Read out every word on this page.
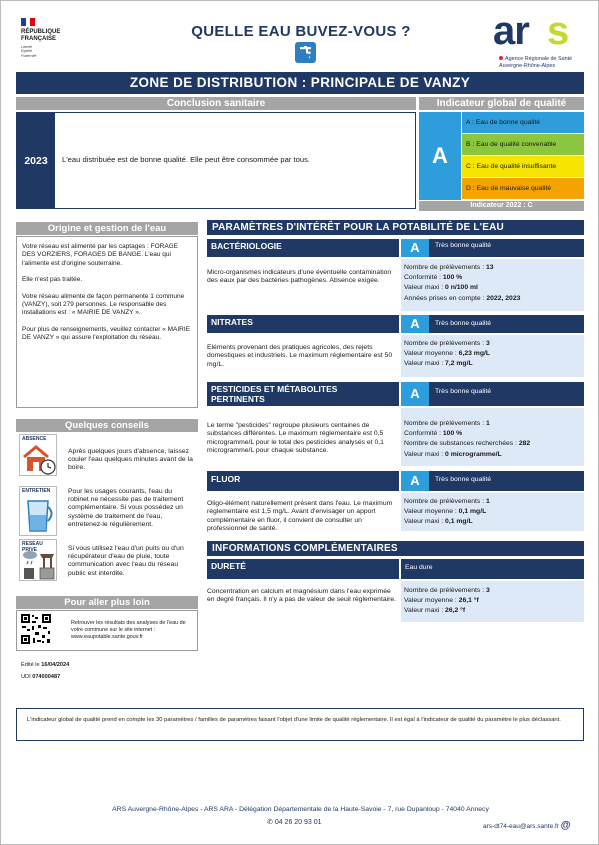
RÉPUBLIQUE
FRANÇAISE
Liberté
Égalité
Fraternité
QUELLE EAU BUVEZ-VOUS ?	ar s
Agence Régionale de Santé
Auvergne-Rhône-Alpes
ZONE DE DISTRIBUTION : PRINCIPALE DE VANZY
Conclusion sanitaire	Indicateur global de qualité
2023	L'eau distribuée est de bonne qualité. Elle peut être consommée par tous.	A
A : Eau de bonne qualité
B : Eau de qualité convenable
C : Eau de qualité insuffisante
D : Eau de mauvaise qualité
Indicateur 2022 : C
Origine et gestion de l'eau

Votre réseau est alimenté par les captages : FORAGE DES VORZIERS, FORAGES DE BANGE. L'eau qui l'alimente est d'origine souterraine.

Elle n'est pas traitée.

Votre réseau alimente de façon permanente 1 commune (VANZY), soit 279 personnes. Le responsable des installations est : « MAIRIE DE VANZY ».

Pour plus de renseignements, veuillez contacter « MAIRIE DE VANZY » qui assure l'exploitation du réseau.

Quelques conseils
ABSENCE
Après quelques jours d'absence, laissez couler l'eau quelques minutes avant de la boire.
ENTRETIEN	Pour les usages courants, l'eau du robinet ne nécessite pas de traitement complémentaire. Si vous possédez un système de traitement de l'eau, entretenez-le régulièrement.
RESEAU PRIVE	Si vous utilisez l'eau d'un puits ou d'un récupérateur d'eau de pluie, toute communication avec l'eau du réseau public est interdite.
Pour aller plus loin
Retrouver les résultats des analyses de l'eau de votre commune sur le site internet : www.eaupotable.sante.gouv.fr
Édité le 16/04/2024
UDI 074000487
PARAMÈTRES D'INTÉRÊT POUR LA POTABILITÉ DE L'EAU
BACTÉRIOLOGIE	A	Très bonne qualité
Micro-organismes indicateurs d'une éventuelle contamination des eaux par des bactéries pathogènes. Absence exigée.
Nombre de prélèvements : 13
Conformité : 100 %
Valeur maxi : 0 n/100 ml
Années prises en compte : 2022, 2023
NITRATES	A	Très bonne qualité
Eléments provenant des pratiques agricoles, des rejets domestiques et industriels. Le maximum réglementaire est 50 mg/L.
Nombre de prélèvements : 3
Valeur moyenne : 6,23 mg/L
Valeur maxi : 7,2 mg/L
PESTICIDES ET MÉTABOLITES
PERTINENTS	A	Très bonne qualité
Le terme "pesticides" regroupe plusieurs centaines de substances différentes. Le maximum réglementaire est 0,5 microgramme/L pour le total des pesticides analysés et 0,1 microgramme/L pour chaque substance.
Nombre de prélèvements : 1
Conformité : 100 %
Nombre de substances recherchées : 282
Valeur maxi : 0 microgramme/L
FLUOR	A	Très bonne qualité
Oligo-élément naturellement présent dans l'eau. Le maximum réglementaire est 1,5 mg/L. Avant d'envisager un apport complémentaire en fluor, il convient de consulter un professionnel de santé.
Nombre de prélèvements : 1
Valeur moyenne : 0,1 mg/L
Valeur maxi : 0,1 mg/L
INFORMATIONS COMPLÉMENTAIRES
DURETÉ	Eau dure
Concentration en calcium et magnésium dans l'eau exprimée en degré français. Il n'y a pas de valeur de seuil réglementaire.
Nombre de prélèvements : 3
Valeur moyenne : 26,1 °f
Valeur maxi : 26,2 °f
L'indicateur global de qualité prend en compte les 30 paramètres / familles de paramètres faisant l'objet d'une limite de qualité réglementaire. Il est égal à l'indicateur de qualité du paramètre le plus déclassant.
ARS Auvergne-Rhône-Alpes - ARS ARA - Délégation Départementale de la Haute-Savoie - 7, rue Dupanloup - 74040 Annecy
✆ 04 26 20 93 01
ars-dt74-eau@ars.sante.fr @
